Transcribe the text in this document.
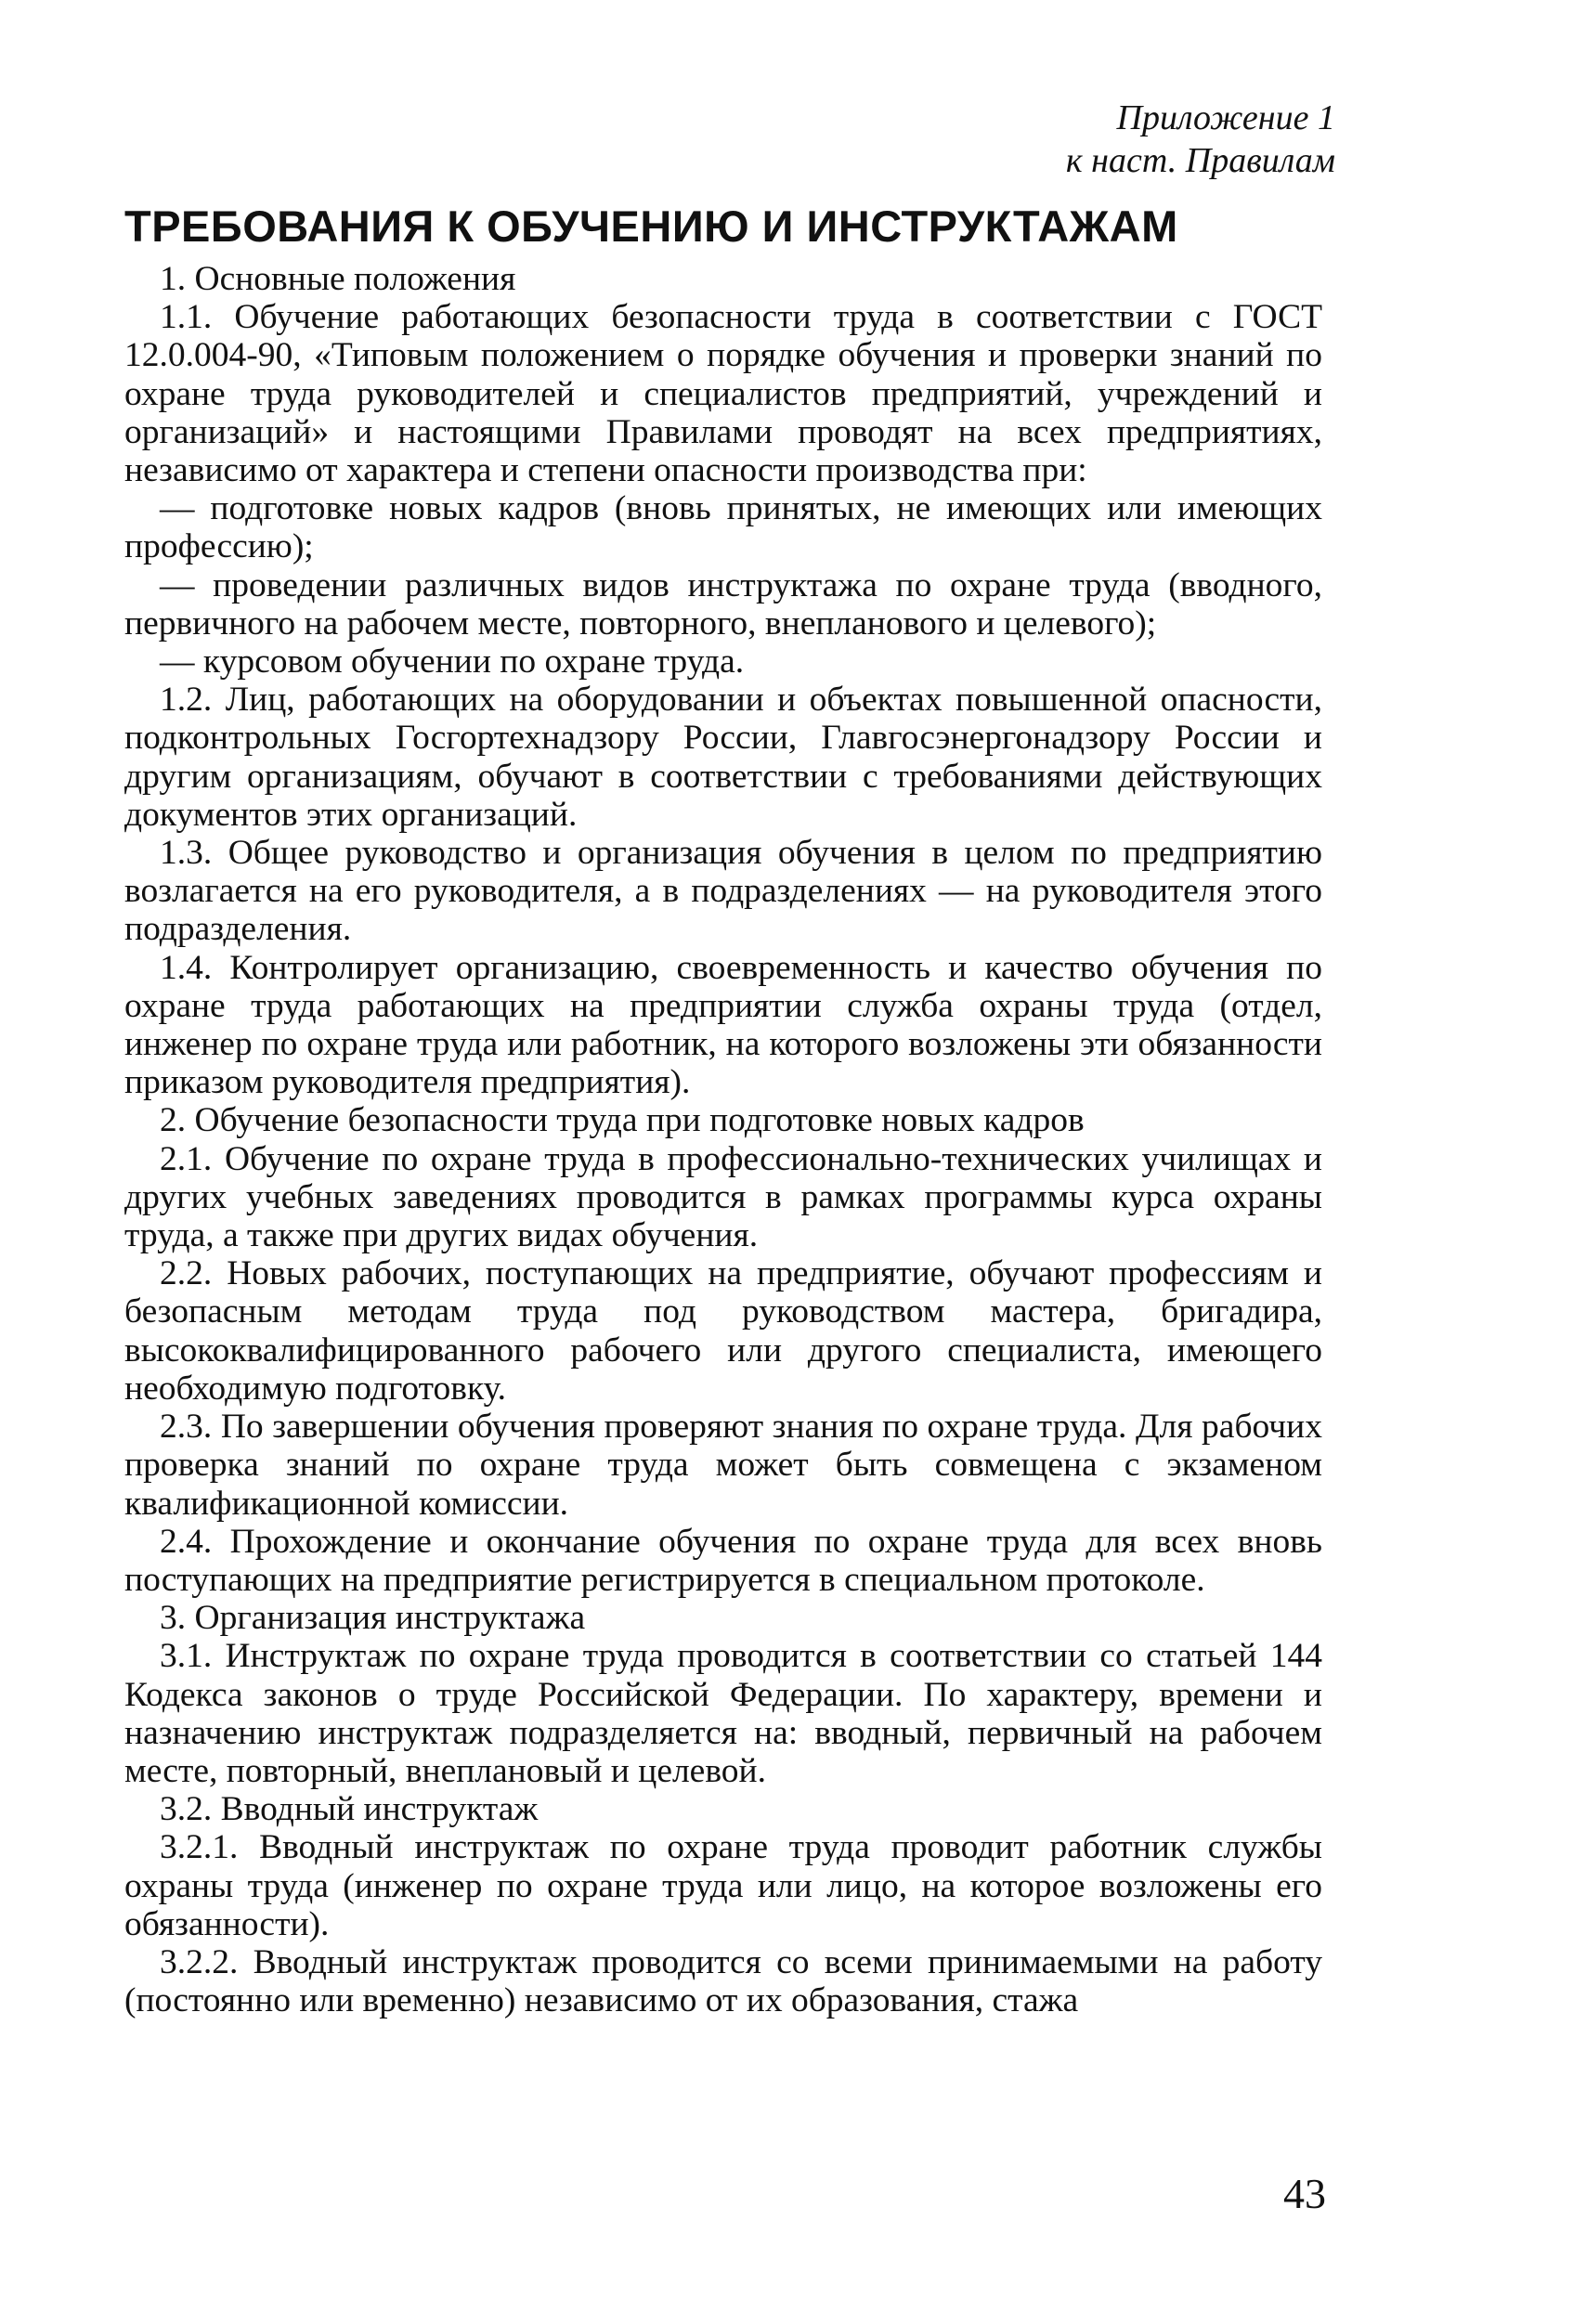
Приложение 1
к наст. Правилам
ТРЕБОВАНИЯ К ОБУЧЕНИЮ И ИНСТРУКТАЖАМ

1. Основные положения

1.1. Обучение работающих безопасности труда в соответствии с ГОСТ 12.0.004-90, «Типовым положением о порядке обучения и проверки знаний по охране труда руководителей и специалистов предприятий, учреждений и организаций» и настоящими Правилами проводят на всех предприятиях, независимо от характера и степени опасности производства при:

— подготовке новых кадров (вновь принятых, не имеющих или имеющих профессию);

— проведении различных видов инструктажа по охране труда (вводного, первичного на рабочем месте, повторного, внепланового и целевого);

— курсовом обучении по охране труда.

1.2. Лиц, работающих на оборудовании и объектах повышенной опасности, подконтрольных Госгортехнадзору России, Главгосэнергонадзору России и другим организациям, обучают в соответствии с требованиями действующих документов этих организаций.

1.3. Общее руководство и организация обучения в целом по предприятию возлагается на его руководителя, а в подразделениях — на руководителя этого подразделения.

1.4. Контролирует организацию, своевременность и качество обучения по охране труда работающих на предприятии служба охраны труда (отдел, инженер по охране труда или работник, на которого возложены эти обязанности приказом руководителя предприятия).

2. Обучение безопасности труда при подготовке новых кадров

2.1. Обучение по охране труда в профессионально-технических училищах и других учебных заведениях проводится в рамках программы курса охраны труда, а также при других видах обучения.

2.2. Новых рабочих, поступающих на предприятие, обучают профессиям и безопасным методам труда под руководством мастера, бригадира, высококвалифицированного рабочего или другого специалиста, имеющего необходимую подготовку.

2.3. По завершении обучения проверяют знания по охране труда. Для рабочих проверка знаний по охране труда может быть совмещена с экзаменом квалификационной комиссии.

2.4. Прохождение и окончание обучения по охране труда для всех вновь поступающих на предприятие регистрируется в специальном протоколе.

3. Организация инструктажа

3.1. Инструктаж по охране труда проводится в соответствии со статьей 144 Кодекса законов о труде Российской Федерации. По характеру, времени и назначению инструктаж подразделяется на: вводный, первичный на рабочем месте, повторный, внеплановый и целевой.

3.2. Вводный инструктаж

3.2.1. Вводный инструктаж по охране труда проводит работник службы охраны труда (инженер по охране труда или лицо, на которое возложены его обязанности).

3.2.2. Вводный инструктаж проводится со всеми принимаемыми на работу (постоянно или временно) независимо от их образования, стажа

43
